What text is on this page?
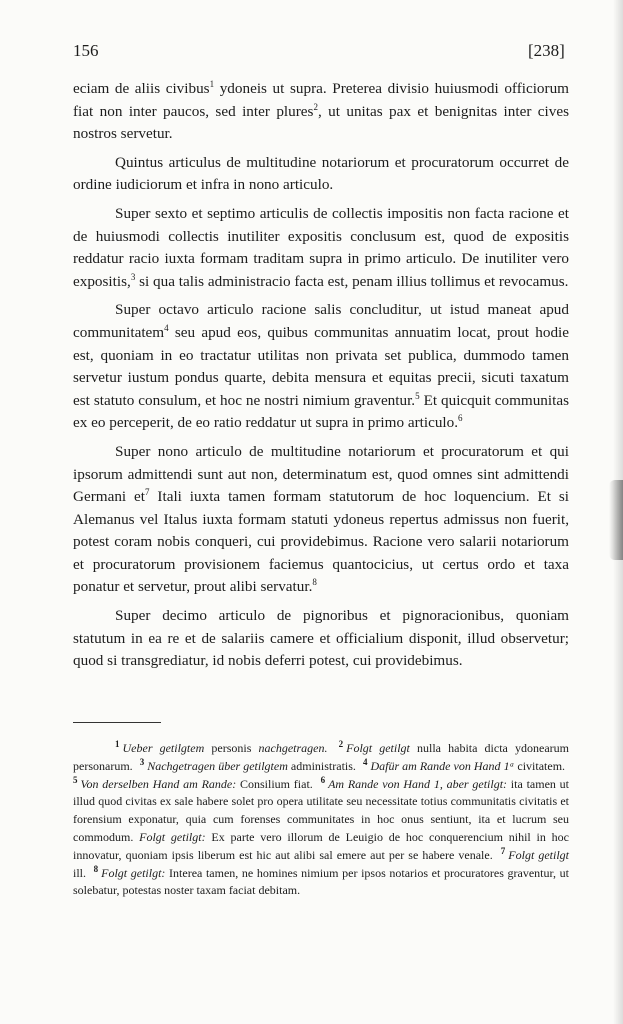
156	[238]

eciam de aliis civibus$^1$ ydoneis ut supra. Preterea divisio huiusmodi officiorum fiat non inter paucos, sed inter plures$^2$, ut unitas pax et benignitas inter cives nostros servetur.

Quintus articulus de multitudine notariorum et procuratorum occurret de ordine iudiciorum et infra in nono articulo.

Super sexto et septimo articulis de collectis impositis non facta racione et de huiusmodi collectis inutiliter expositis conclusum est, quod de expositis reddatur racio iuxta formam traditam supra in primo articulo. De inutiliter vero expositis,$^3$ si qua talis administracio facta est, penam illius tollimus et revocamus.

Super octavo articulo racione salis concluditur, ut istud maneat apud communitatem$^4$ seu apud eos, quibus communitas annuatim locat, prout hodie est, quoniam in eo tractatur utilitas non privata set publica, dummodo tamen servetur iustum pondus quarte, debita mensura et equitas precii, sicuti taxatum est statuto consulum, et hoc ne nostri nimium graventur.$^5$ Et quicquit communitas ex eo perceperit, de eo ratio reddatur ut supra in primo articulo.$^6$

Super nono articulo de multitudine notariorum et procuratorum et qui ipsorum admittendi sunt aut non, determinatum est, quod omnes sint admittendi Germani $et^7$ Itali iuxta tamen formam statutorum de hoc loquencium. Et si Alemanus vel Italus iuxta formam statuti ydoneus repertus admissus non fuerit, potest coram nobis conqueri, cui providebimus. Racione vero salarii notariorum et procuratorum provisionem faciemus quantocicius, ut certus ordo et taxa ponatur et servetur, prout alibi servatur.$^8$

Super decimo articulo de pignoribus et pignoracionibus, quoniam statutum in ea re et de salariis camere et officialium disponit, illud observetur; quod si transgrediatur, id nobis deferri potest, cui providebimus.

$^1$ Ueber getilgtem personis nachgetragen. $^2$ Folgt getilgt nulla habita dicta ydonearum personarum. $^3$ Nachgetragen über getilgtem administratis. $^4$ Dafür am Rande von Hand 1ᵃ civitatem. $^5$ Von derselben Hand am Rande: Consilium fiat. $^6$ Am Rande von Hand 1, aber getilgt: ita tamen ut illud quod civitas ex sale habere solet pro opera utilitate seu necessitate totius communitatis civitatis et forensium exponatur, quia cum forenses communitates in hoc onus sentiunt, ita et lucrum seu commodum. Folgt getilgt: Ex parte vero illorum de Leuigio de hoc conquerencium nihil in hoc innovatur, quoniam ipsis liberum est hic aut alibi sal emere aut per se habere venale. $^7$ Folgt getilgt ill. $^8$ Folgt getilgt: Interea tamen, ne homines nimium per ipsos notarios et procuratores graventur, ut solebatur, potestas noster taxam faciat debitam.
